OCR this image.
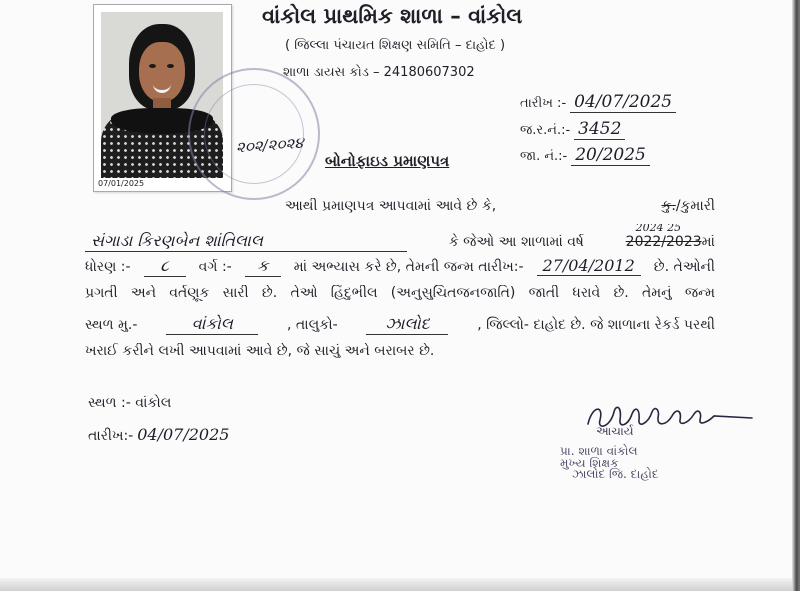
07/01/2025
વાંકોલ પ્રાથમિક શાળા – વાંકોલ
( જિલ્લા પંચાયત શિક્ષણ સમિતિ – દાહોદ )
શાળા ડાયસ કોડ – 24180607302
તારીખ :- 04/07/2025
જ.ર.નં.:- 3452
જા. નં.:- 20/2025
૨૦૨/૨૦૨૪
બોનોફાઇડ પ્રમાણપત્ર
આથી પ્રમાણપત્ર આપવામાં આવે છે કે,	કુ./કુમારી
સંગાડા કિરણબેન શાંતિલાલ	કે જેઓ આ શાળામાં વર્ષ
2024 25
2022/2023માં
ધોરણ :-	૮	વર્ગ :-	ક	માં અભ્યાસ કરે છે, તેમની જન્મ તારીખ:-	27/04/2012	છે. તેઓની
પ્રગતી અને વર્તણૂક સારી છે. તેઓ હિંદુભીલ (અનુસુચિતજનજાતિ) જાતી ધરાવે છે. તેમનું જન્મ
સ્થળ મુ.-	વાંકોલ	, તાલુકો-	ઝાલોદ	, જિલ્લો- દાહોદ છે. જે શાળાના રેકર્ડ પરથી
ખરાઈ કરીને લખી આપવામાં આવે છે, જે સાચું અને બરાબર છે.
સ્થળ :- વાંકોલ
તારીખ:- 04/07/2025	આચાર્ય
પ્રા. શાળા વાંકોલ
મુખ્ય શિક્ષક
ઝાલોદ જિ. દાહોદ
